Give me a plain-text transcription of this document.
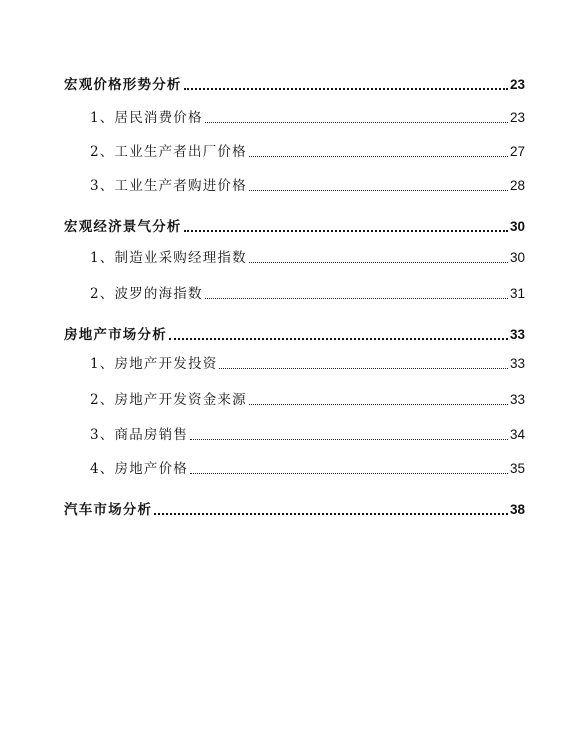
宏观价格形势分析	23
1、居民消费价格	23
2、工业生产者出厂价格	27
3、工业生产者购进价格	28
宏观经济景气分析	30
1、制造业采购经理指数	30
2、波罗的海指数	31
房地产市场分析	33
1、房地产开发投资	33
2、房地产开发资金来源	33
3、商品房销售	34
4、房地产价格	35
汽车市场分析	38
